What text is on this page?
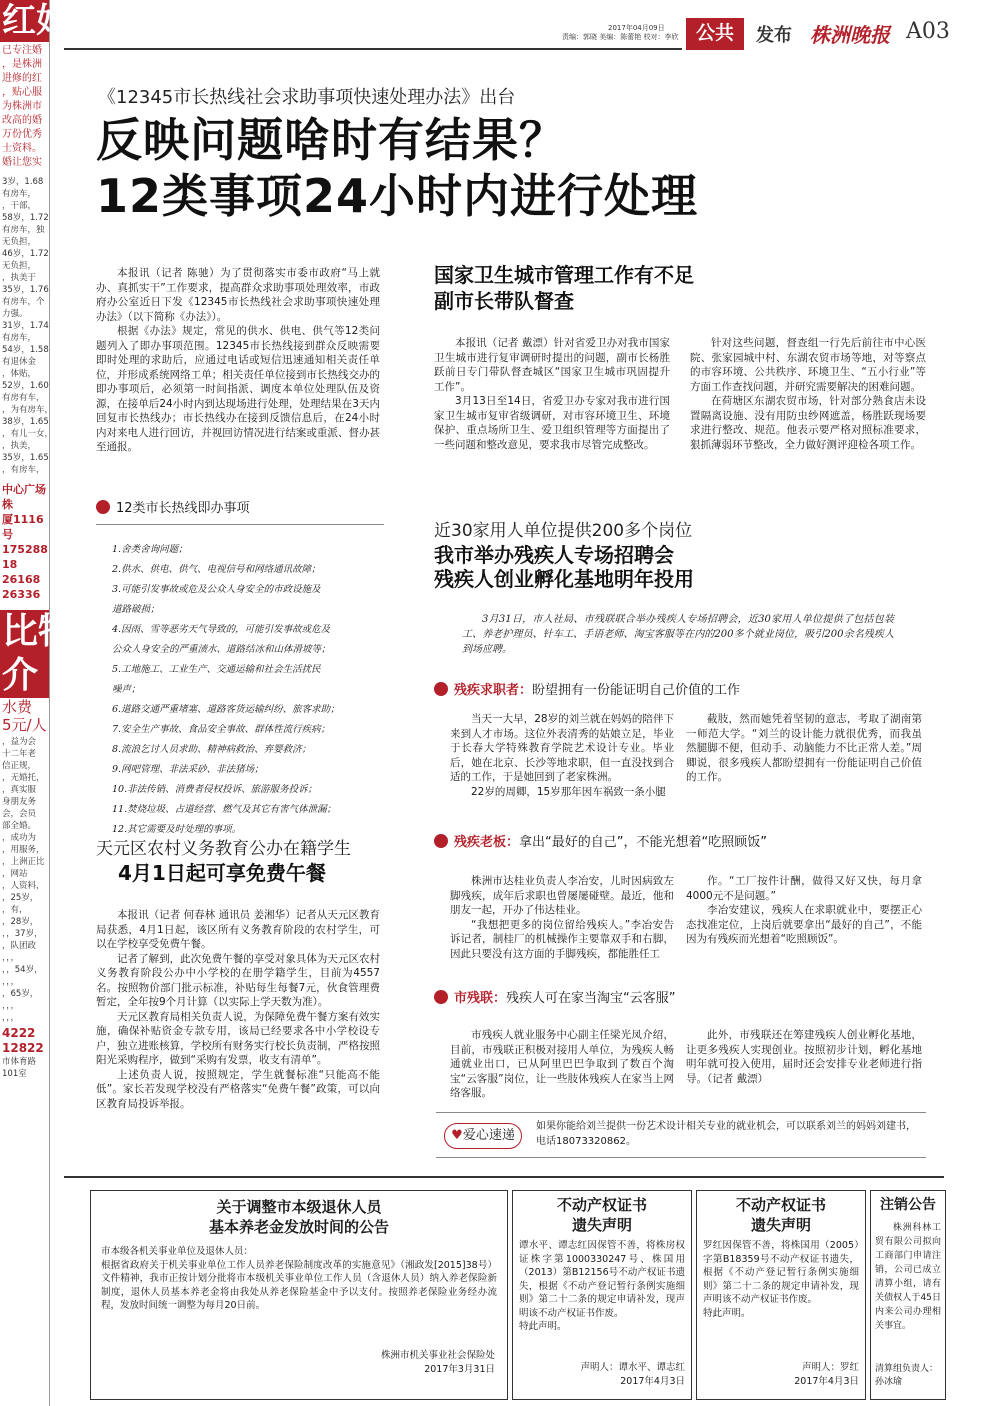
红娘
已专注婚
，是株洲
进修的红
，贴心服
为株洲市
改高的婚
万份优秀
士资料。
婚让您实
3岁，1.68
有房车，
，干部，
58岁，1.72
有房车，独
无负担，
46岁，1.72
无负担，
，执美于
35岁，1.76
有房车，个
力强。
31岁，1.74
有房车，
54岁，1.58
有退休金
，体贴，
52岁，1.60
有房有车，
，为有房车，
38岁，1.65
，有儿一女，
，执美，
35岁，1.65
，有房车，
中心广场株
厦1116号
175288
18
26168
26336
比特
介
水费
5元/人
，益为会
十二年老
信正规，
，无婚托，
，真实服
身朋友务
会，会员
部全婚。
，成功为
，用服务，
，上洲正比
，网站
，人资料，
，25岁，
，有，
，28岁，
，，37岁，
，队团政
，，，
，，54岁，
，，，
，65岁，
，，，
，，，
4222
12822
市体育路
101室
2017年04月09日
责编：郭晓 美编：陈蕾艳 校对：李欣 公共	发布 株洲晚报 A03
《12345市长热线社会求助事项快速处理办法》出台
反映问题啥时有结果？
12类事项24小时内进行处理

本报讯（记者 陈驰）为了贯彻落实市委市政府“马上就办、真抓实干”工作要求，提高群众求助事项处理效率，市政府办公室近日下发《12345市长热线社会求助事项快速处理办法》（以下简称《办法》）。

根据《办法》规定，常见的供水、供电、供气等12类问题列入了即办事项范围。12345市长热线接到群众反映需要即时处理的求助后，应通过电话或短信迅速通知相关责任单位，并形成系统网络工单；相关责任单位接到市长热线交办的即办事项后，必须第一时间指派、调度本单位处理队伍及资源，在接单后24小时内到达现场进行处理，处理结果在3天内回复市长热线办；市长热线办在接到反馈信息后，在24小时内对来电人进行回访，并视回访情况进行结案或重派、督办甚至通报。

12类市长热线即办事项
1.舍类舍询问题；
2.供水、供电、供气、电视信号和网络通讯故障；
3.可能引发事故或危及公众人身安全的市政设施及
道路破损；
4.因雨、雪等恶劣天气导致的，可能引发事故或危及
公众人身安全的严重渍水、道路结冰和山体滑坡等；
5.工地施工、工业生产、交通运输和社会生活扰民
噪声；
6.道路交通严重堵塞、道路客货运输纠纷、旅客求助；
7.安全生产事故、食品安全事故、群体性流行疾病；
8.流浪乞讨人员求助、精神病救治、弃婴救济；
9.网吧管理、非法采砂、非法猪场；
10.非法传销、消费者侵权投诉、旅游服务投诉；
11.焚烧垃圾、占道经营、燃气及其它有害气体泄漏；
12.其它需要及时处理的事项。
天元区农村义务教育公办在籍学生
4月1日起可享免费午餐

本报讯（记者 何春林 通讯员 姜湘华）记者从天元区教育局获悉，4月1日起，该区所有义务教育阶段的农村学生，可以在学校享受免费午餐。

记者了解到，此次免费午餐的享受对象具体为天元区农村义务教育阶段公办中小学校的在册学籍学生，目前为4557名。按照物价部门批示标准，补贴每生每餐7元，伙食管理费暂定，全年按9个月计算（以实际上学天数为准）。

天元区教育局相关负责人说，为保障免费午餐方案有效实施，确保补贴资金专款专用，该局已经要求各中小学校设专户，独立进账核算，学校所有财务实行校长负责制，严格按照阳光采购程序，做到“采购有发票，收支有清单”。

上述负责人说，按照规定，学生就餐标准“只能高不能低”。家长若发现学校没有严格落实“免费午餐”政策，可以向区教育局投诉举报。

国家卫生城市管理工作有不足
副市长带队督查

本报讯（记者 戴漂）针对省爱卫办对我市国家卫生城市进行复审调研时提出的问题，副市长杨胜跃前日专门带队督查城区“国家卫生城市巩固提升工作”。

3月13日至14日，省爱卫办专家对我市进行国家卫生城市复审省级调研，对市容环境卫生、环境保护、重点场所卫生、爱卫组织管理等方面提出了一些问题和整改意见，要求我市尽管完成整改。

针对这些问题，督查组一行先后前往市中心医院、张家园城中村、东湖农贸市场等地，对等察点的市容环境、公共秩序、环境卫生、“五小行业”等方面工作查找问题，并研究需要解决的困难问题。

在荷塘区东湖农贸市场，针对部分熟食店未设置隔离设施、没有用防虫纱网遮盖，杨胜跃现场要求进行整改、规范。他表示要严格对照标准要求，狠抓薄弱环节整改，全力做好测评迎检各项工作。

近30家用人单位提供200多个岗位
我市举办残疾人专场招聘会
残疾人创业孵化基地明年投用

3月31日，市人社局、市残联联合举办残疾人专场招聘会，近30家用人单位提供了包括包装工、养老护理员、针车工、手语老师、淘宝客服等在内的200多个就业岗位，吸引200余名残疾人到场应聘。

残疾求职者：盼望拥有一份能证明自己价值的工作

当天一大早，28岁的刘兰就在妈妈的陪伴下来到人才市场。这位外表清秀的姑娘立足，毕业于长春大学特殊教育学院艺术设计专业。毕业后，她在北京、长沙等地求职，但一直没找到合适的工作，于是她回到了老家株洲。

22岁的周卿，15岁那年因车祸致一条小腿

截肢，然而她凭着坚韧的意志，考取了湖南第一师范大学。“刘兰的设计能力就很优秀，而我虽然腿脚不便，但动手、动脑能力不比正常人差。”周卿说，很多残疾人都盼望拥有一份能证明自己价值的工作。

残疾老板：拿出“最好的自己”，不能光想着“吃照顾饭”

株洲市达桂业负责人李冶安，儿时因病致左脚残疾，成年后求职也曾屡屡碰壁。最近，他和朋友一起，开办了伟达桂业。

“我想把更多的岗位留给残疾人。”李冶安告诉记者，制桂厂的机械操作主要靠双手和右脚，因此只要没有这方面的手脚残疾，都能胜任工

作。“工厂按件计酬，做得又好又快，每月拿4000元不是问题。”

李冶安建议，残疾人在求职就业中，要摆正心态找准定位，上岗后就要拿出“最好的自己”，不能因为有残疾而光想着“吃照顾饭”。

市残联：残疾人可在家当淘宝“云客服”

市残疾人就业服务中心副主任梁光凤介绍，目前，市残联正积极对接用人单位，为残疾人畅通就业出口，已从阿里巴巴争取到了数百个淘宝“云客服”岗位，让一些肢体残疾人在家当上网络客服。

此外，市残联还在筹建残疾人创业孵化基地，让更多残疾人实现创业。按照初步计划，孵化基地明年就可投入使用，届时还会安排专业老师进行指导。（记者 戴漂）

♥爱心速递
如果你能给刘兰提供一份艺术设计相关专业的就业机会，可以联系刘兰的妈妈刘建书，电话18073320862。
关于调整市本级退休人员
基本养老金发放时间的公告

市本级各机关事业单位及退休人员：

根据省政府关于机关事业单位工作人员养老保险制度改革的实施意见》（湘政发[2015]38号）文件精神，我市正按计划分批将市本级机关事业单位工作人员（含退休人员）纳入养老保险新制度，退休人员基本养老金将由我处从养老保险基金中予以支付。按照养老保险业务经办流程，发放时间统一调整为每月20日前。

株洲市机关事业社会保险处
2017年3月31日
不动产权证书
遗失声明

谭水平、谭志红因保管不善，将株房权证株字第1000330247号、株国用（2013）第B12156号不动产权证书遗失，根据《不动产登记暂行条例实施细则》第二十二条的规定申请补发，现声明该不动产权证书作废。

特此声明。

声明人：谭水平、谭志红
2017年4月3日
不动产权证书
遗失声明

罗红因保管不善，将株国用（2005）字第B18359号不动产权证书遗失，根据《不动产登记暂行条例实施细则》第二十二条的规定申请补发，现声明该不动产权证书作废。

特此声明。

声明人：罗红
2017年4月3日
注销公告

株洲科林工贸有限公司拟向工商部门申请注销，公司已成立清算小组，请有关债权人于45日内来公司办理相关事宜。

清算组负责人：孙冰瑜
